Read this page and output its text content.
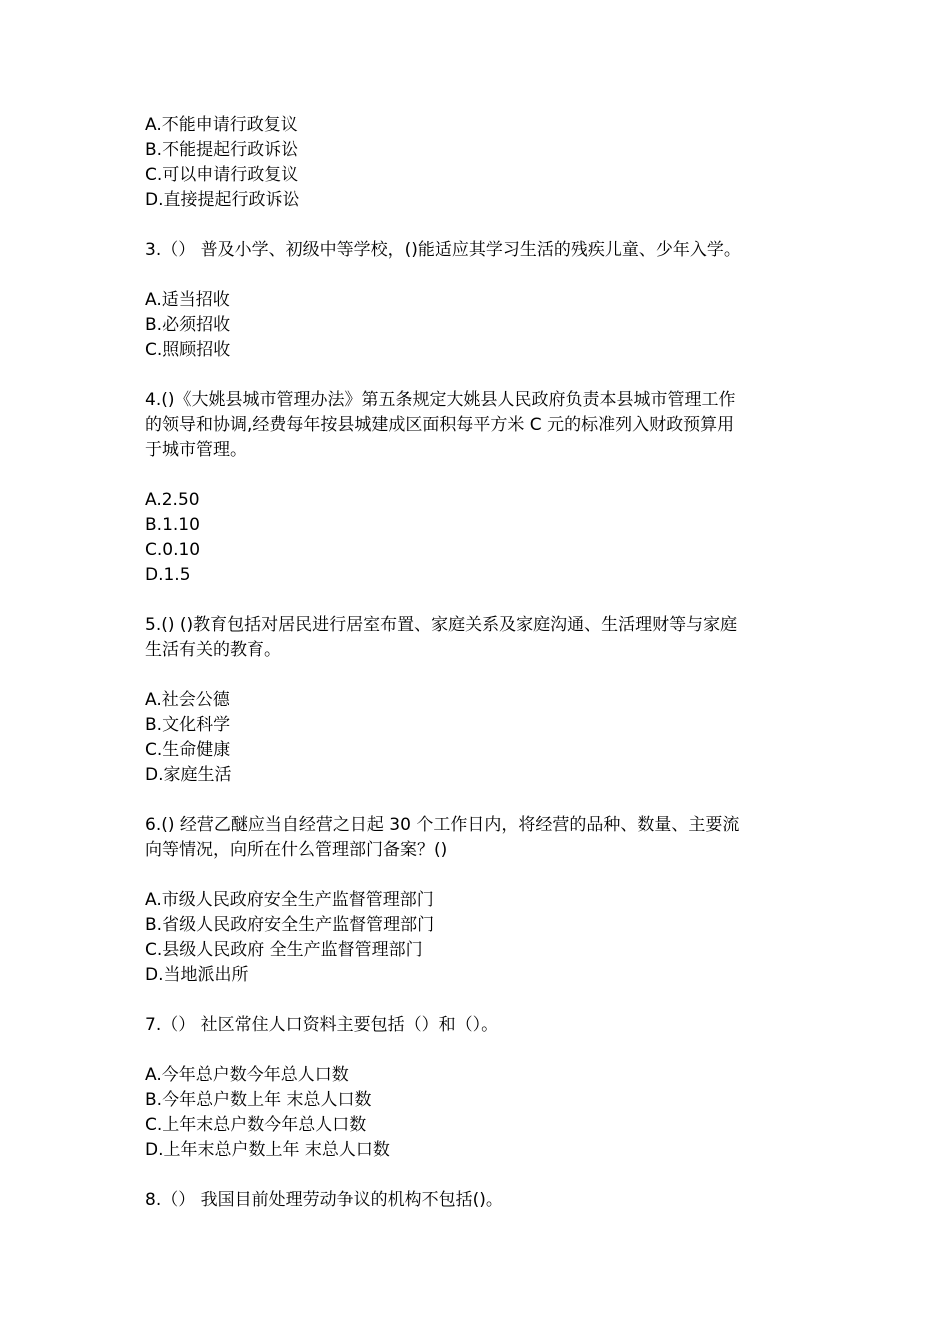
A.不能申请行政复议
B.不能提起行政诉讼
C.可以申请行政复议
D.直接提起行政诉讼
3.（） 普及小学、初级中等学校，()能适应其学习生活的残疾儿童、少年入学。
A.适当招收
B.必须招收
C.照顾招收
4.()《大姚县城市管理办法》第五条规定大姚县人民政府负责本县城市管理工作
的领导和协调,经费每年按县城建成区面积每平方米 C 元的标准列入财政预算用
于城市管理。
A.2.50
B.1.10
C.0.10
D.1.5
5.() ()教育包括对居民进行居室布置、家庭关系及家庭沟通、生活理财等与家庭
生活有关的教育。
A.社会公德
B.文化科学
C.生命健康
D.家庭生活
6.() 经营乙醚应当自经营之日起 30 个工作日内，将经营的品种、数量、主要流
向等情况，向所在什么管理部门备案？()
A.市级人民政府安全生产监督管理部门
B.省级人民政府安全生产监督管理部门
C.县级人民政府 全生产监督管理部门
D.当地派出所
7.（） 社区常住人口资料主要包括（）和（）。
A.今年总户数今年总人口数
B.今年总户数上年 末总人口数
C.上年末总户数今年总人口数
D.上年末总户数上年 末总人口数
8.（） 我国目前处理劳动争议的机构不包括()。
